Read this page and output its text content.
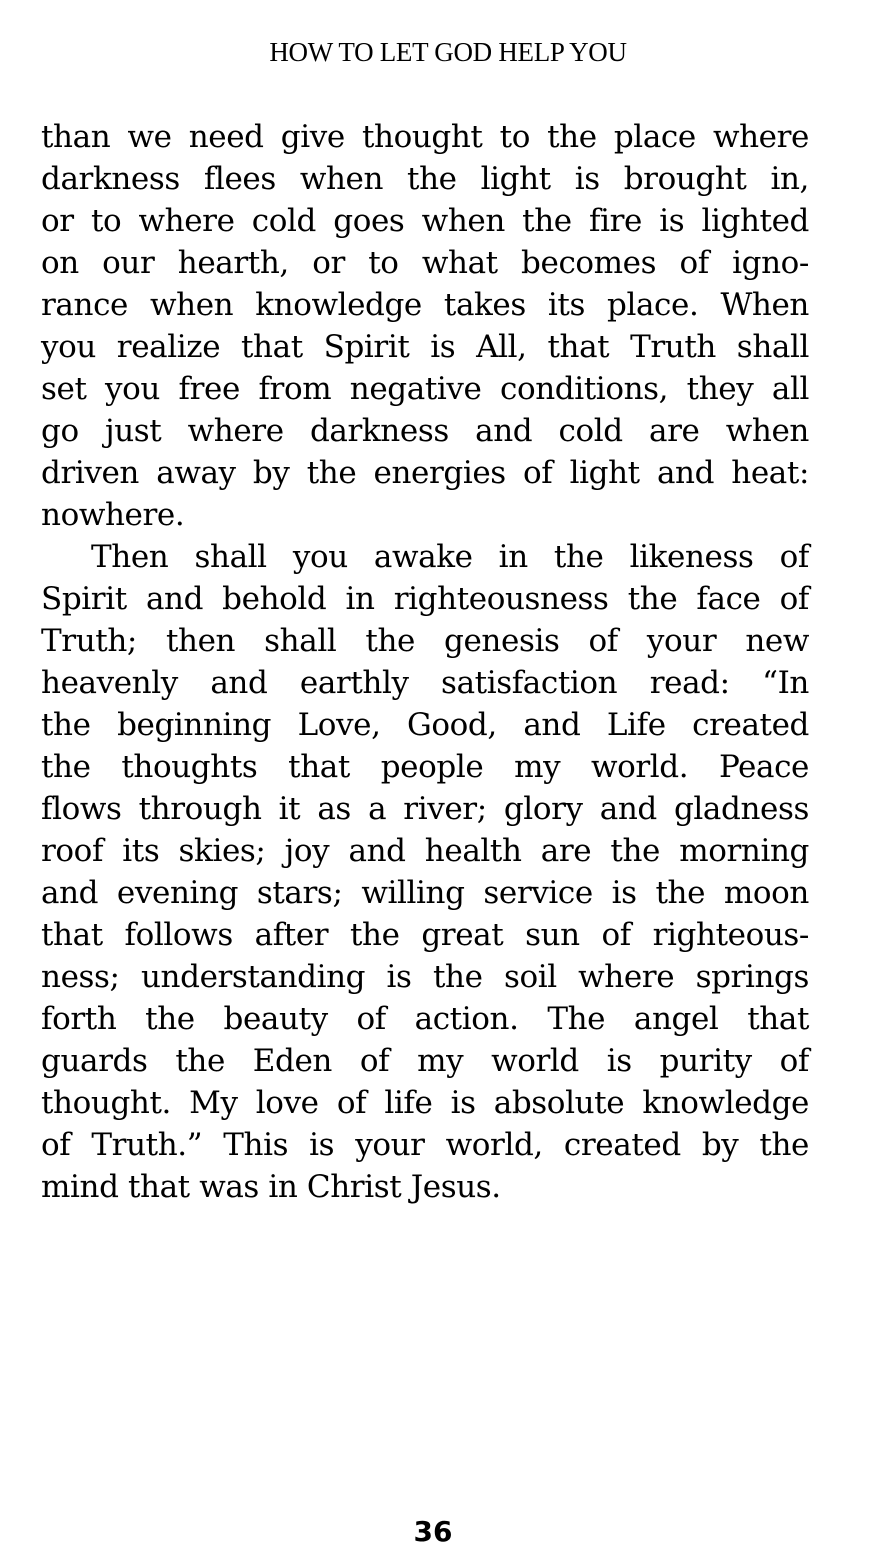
HOW TO LET GOD HELP YOU
than we need give thought to the place where
darkness flees when the light is brought in,
or to where cold goes when the fire is lighted
on our hearth, or to what becomes of igno-
rance when knowledge takes its place. When
you realize that Spirit is All, that Truth shall
set you free from negative conditions, they all
go just where darkness and cold are when
driven away by the energies of light and heat:
nowhere.
Then shall you awake in the likeness of
Spirit and behold in righteousness the face of
Truth; then shall the genesis of your new
heavenly and earthly satisfaction read: “In
the beginning Love, Good, and Life created
the thoughts that people my world. Peace
flows through it as a river; glory and gladness
roof its skies; joy and health are the morning
and evening stars; willing service is the moon
that follows after the great sun of righteous-
ness; understanding is the soil where springs
forth the beauty of action. The angel that
guards the Eden of my world is purity of
thought. My love of life is absolute knowledge
of Truth.” This is your world, created by the
mind that was in Christ Jesus.
36
